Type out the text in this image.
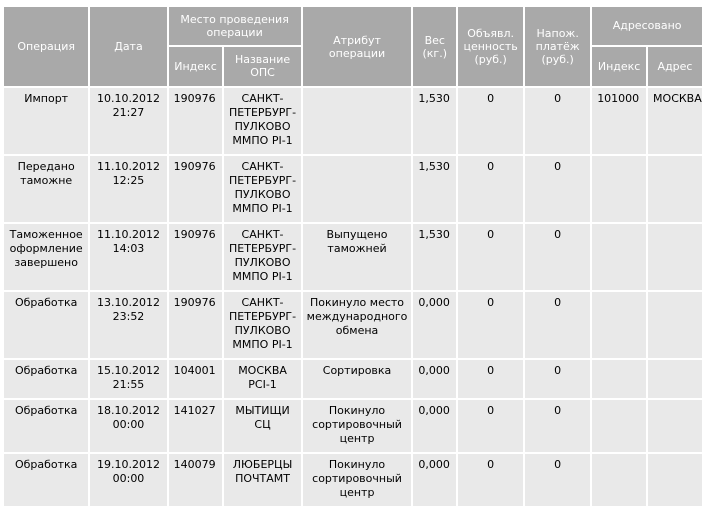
Операция	Дата	Место проведения операции		Атрибут операции	Вес (кг.)	Объявл. ценность (руб.)	Напож. платёж (руб.)	Адресовано	
		Индекс	Название ОПС					Индекс	Адрес
Импорт	10.10.2012 21:27	190976	САНКТ-ПЕТЕРБУРГ-ПУЛКОВО ММПО PI-1		1,530	0	0	101000	МОСКВА
Передано таможне	11.10.2012 12:25	190976	САНКТ-ПЕТЕРБУРГ-ПУЛКОВО ММПО PI-1		1,530	0	0		
Таможенное оформление завершено	11.10.2012 14:03	190976	САНКТ-ПЕТЕРБУРГ-ПУЛКОВО ММПО PI-1	Выпущено таможней	1,530	0	0		
Обработка	13.10.2012 23:52	190976	САНКТ-ПЕТЕРБУРГ-ПУЛКОВО ММПО PI-1	Покинуло место международного обмена	0,000	0	0		
Обработка	15.10.2012 21:55	104001	МОСКВА PCI-1	Сортировка	0,000	0	0		
Обработка	18.10.2012 00:00	141027	МЫТИЩИ СЦ	Покинуло сортировочный центр	0,000	0	0		
Обработка	19.10.2012 00:00	140079	ЛЮБЕРЦЫ ПОЧТАМТ	Покинуло сортировочный центр	0,000	0	0		
